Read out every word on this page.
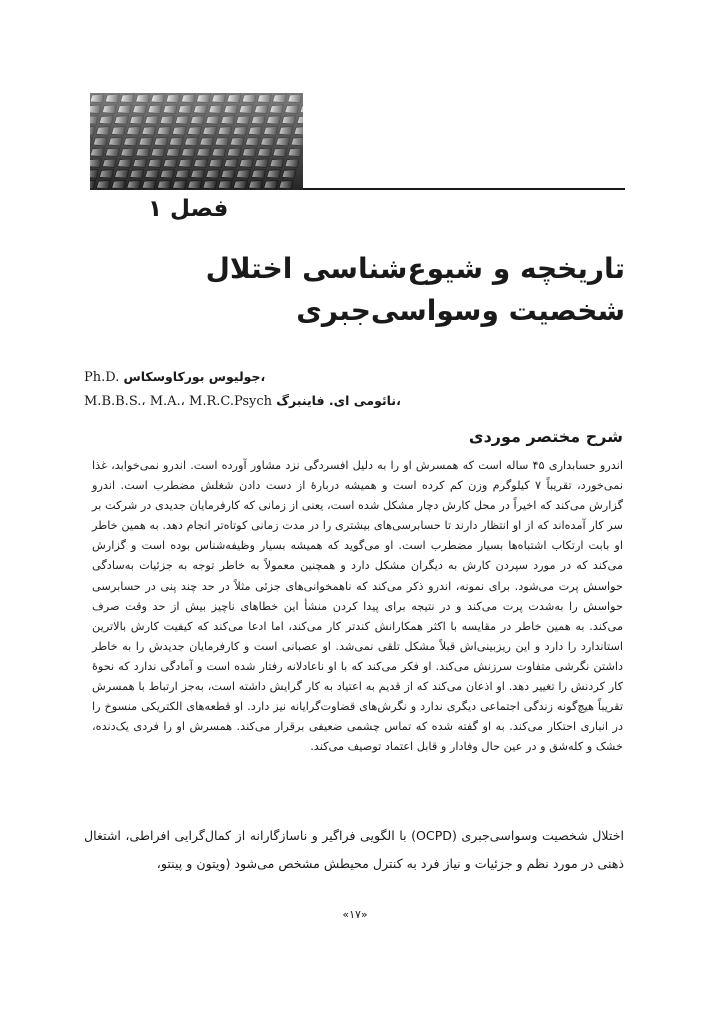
فصل ۱
تاریخچه و شیوع‌شناسی اختلال شخصیت وسواسی‌جبری
Ph.D. جولیوس بورکاوسکاس،
M.B.B.S.، M.A.، M.R.C.Psych نائومی ای. فاینبرگ،
شرح مختصر موردی

اندرو حسابداری ۴۵ ساله است که همسرش او را به دلیل افسردگی نزد مشاور آورده است. اندرو نمی‌خوابد، غذا نمی‌خورد، تقریباً ۷ کیلوگرم وزن کم کرده است و همیشه دربارهٔ از دست دادن شغلش مضطرب است. اندرو گزارش می‌کند که اخیراً در محل کارش دچار مشکل شده است، یعنی از زمانی که کارفرمایان جدیدی در شرکت بر سر کار آمده‌اند که از او انتظار دارند تا حسابرسی‌های بیشتری را در مدت زمانی کوتاه‌تر انجام دهد. به همین خاطر او بابت ارتکاب اشتباه‌ها بسیار مضطرب است. او می‌گوید که همیشه بسیار وظیفه‌شناس بوده است و گزارش می‌کند که در مورد سپردن کارش به دیگران مشکل دارد و همچنین معمولاً به خاطر توجه به جزئیات به‌سادگی حواسش پرت می‌شود. برای نمونه، اندرو ذکر می‌کند که ناهمخوانی‌های جزئی مثلاً در حد چند پنی در حسابرسی حواسش را به‌شدت پرت می‌کند و در نتیجه برای پیدا کردن منشأ این خطاهای ناچیز بیش از حد وقت صرف می‌کند. به همین خاطر در مقایسه با اکثر همکارانش کندتر کار می‌کند، اما ادعا می‌کند که کیفیت کارش بالاترین استاندارد را دارد و این ریزبینی‌اش قبلاً مشکل تلقی نمی‌شد. او عصبانی است و کارفرمایان جدیدش را به خاطر داشتن نگرشی متفاوت سرزنش می‌کند. او فکر می‌کند که با او ناعادلانه رفتار شده است و آمادگی ندارد که نحوهٔ کار کردنش را تغییر دهد. او اذعان می‌کند که از قدیم به اعتیاد به کار گرایش داشته است، به‌جز ارتباط با همسرش تقریباً هیچ‌گونه زندگی اجتماعی دیگری ندارد و نگرش‌های قضاوت‌گرایانه نیز دارد. او قطعه‌های الکتریکی منسوخ را در انباری احتکار می‌کند. به او گفته شده که تماس چشمی ضعیفی برقرار می‌کند. همسرش او را فردی یک‌دنده، خشک و کله‌شق و در عین حال وفادار و قابل اعتماد توصیف می‌کند.

اختلال شخصیت وسواسی‌جبری (OCPD) با الگویی فراگیر و ناسازگارانه از کمال‌گرایی افراطی، اشتغال ذهنی در مورد نظم و جزئیات و نیاز فرد به کنترل محیطش مشخص می‌شود (ویتون و پینتو،

«۱۷»
